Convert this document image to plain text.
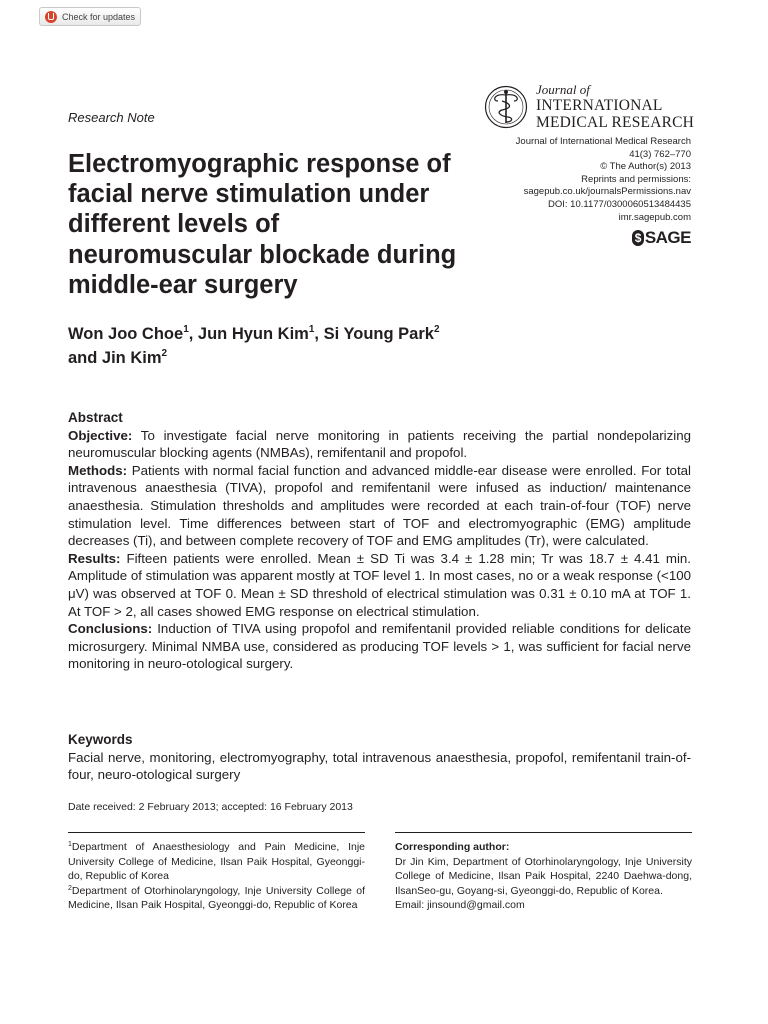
Check for updates
Research Note
Journal of
INTERNATIONAL
MEDICAL RESEARCH
Journal of International Medical Research
41(3) 762–770
© The Author(s) 2013
Reprints and permissions:
sagepub.co.uk/journalsPermissions.nav
DOI: 10.1177/0300060513484435
imr.sagepub.com
$ SAGE
Electromyographic response of facial nerve stimulation under different levels of neuromuscular blockade during middle-ear surgery
Won Joo Choe$^1$, Jun Hyun Kim$^1$, Si Young Park$^2$
and Jin Kim$^2$
Abstract

Objective: To investigate facial nerve monitoring in patients receiving the partial nondepolarizing neuromuscular blocking agents (NMBAs), remifentanil and propofol.

Methods: Patients with normal facial function and advanced middle-ear disease were enrolled. For total intravenous anaesthesia (TIVA), propofol and remifentanil were infused as induction/ maintenance anaesthesia. Stimulation thresholds and amplitudes were recorded at each train-of-four (TOF) nerve stimulation level. Time differences between start of TOF and electromyographic (EMG) amplitude decreases (Ti), and between complete recovery of TOF and EMG amplitudes (Tr), were calculated.

Results: Fifteen patients were enrolled. Mean ± SD Ti was 3.4 ± 1.28 min; Tr was 18.7 ± 4.41 min. Amplitude of stimulation was apparent mostly at TOF level 1. In most cases, no or a weak response (<100 μV) was observed at TOF 0. Mean ± SD threshold of electrical stimulation was 0.31 ± 0.10 mA at TOF 1. At TOF > 2, all cases showed EMG response on electrical stimulation.

Conclusions: Induction of TIVA using propofol and remifentanil provided reliable conditions for delicate microsurgery. Minimal NMBA use, considered as producing TOF levels > 1, was sufficient for facial nerve monitoring in neuro-otological surgery.

Keywords

Facial nerve, monitoring, electromyography, total intravenous anaesthesia, propofol, remifentanil train-of-four, neuro-otological surgery

Date received: 2 February 2013; accepted: 16 February 2013

$^1$Department of Anaesthesiology and Pain Medicine, Inje University College of Medicine, Ilsan Paik Hospital, Gyeonggi-do, Republic of Korea

$^2$Department of Otorhinolaryngology, Inje University College of Medicine, Ilsan Paik Hospital, Gyeonggi-do, Republic of Korea

Corresponding author:

Dr Jin Kim, Department of Otorhinolaryngology, Inje University College of Medicine, Ilsan Paik Hospital, 2240 Daehwa-dong, IlsanSeo-gu, Goyang-si, Gyeonggi-do, Republic of Korea.

Email: jinsound@gmail.com
